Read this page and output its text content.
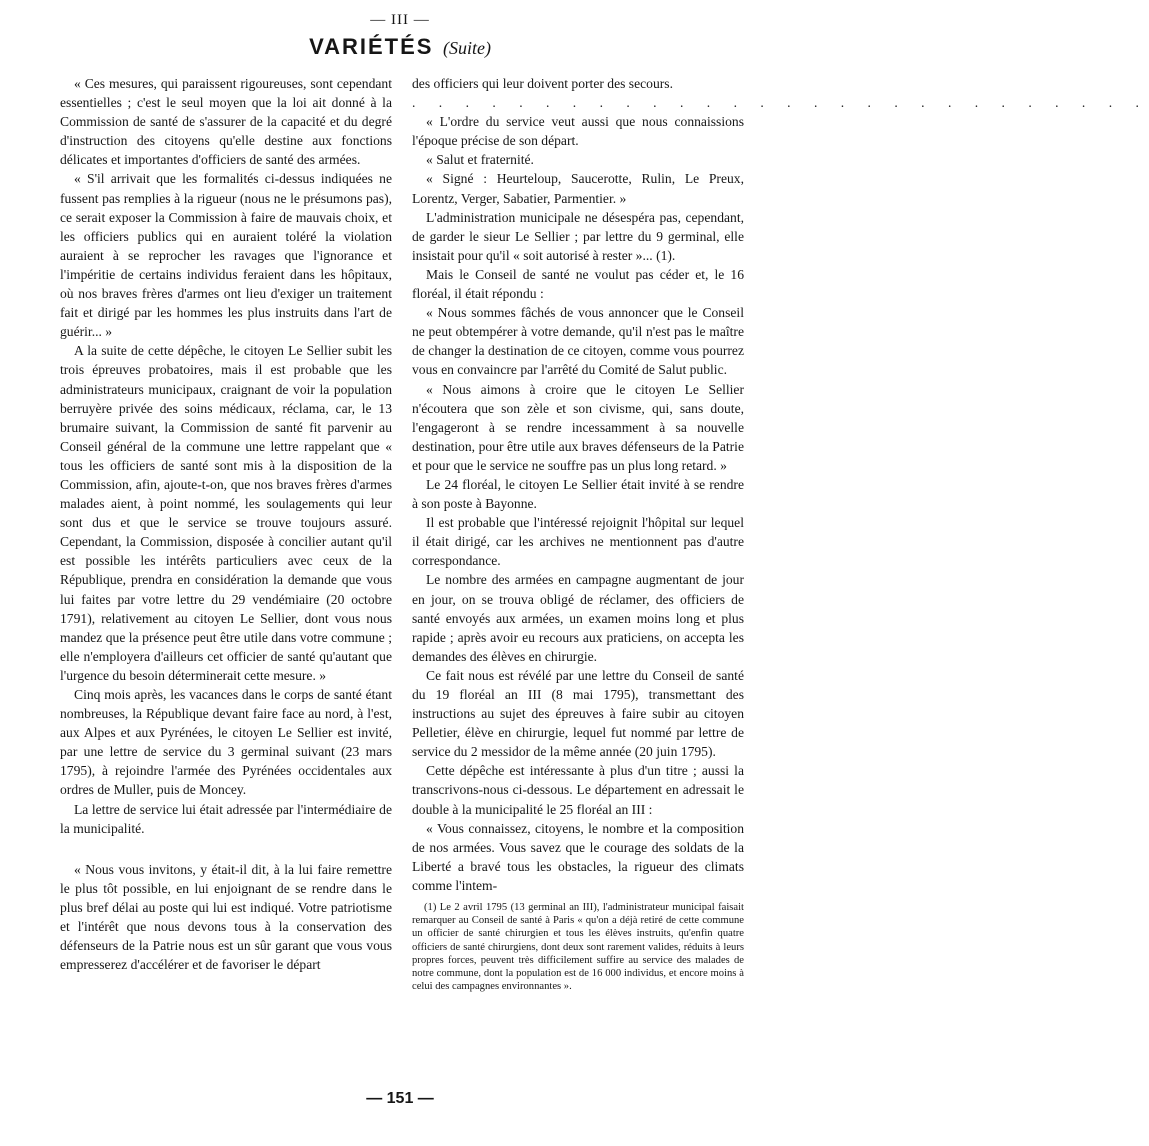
— III —
VARIÉTÉS (Suite)

« Ces mesures, qui paraissent rigoureuses, sont cependant essentielles ; c'est le seul moyen que la loi ait donné à la Commission de santé de s'assurer de la capacité et du degré d'instruction des citoyens qu'elle destine aux fonctions délicates et importantes d'officiers de santé des armées.

« S'il arrivait que les formalités ci-dessus indiquées ne fussent pas remplies à la rigueur (nous ne le présumons pas), ce serait exposer la Commission à faire de mauvais choix, et les officiers publics qui en auraient toléré la violation auraient à se reprocher les ravages que l'ignorance et l'impéritie de certains individus feraient dans les hôpitaux, où nos braves frères d'armes ont lieu d'exiger un traitement fait et dirigé par les hommes les plus instruits dans l'art de guérir... »

A la suite de cette dépêche, le citoyen Le Sellier subit les trois épreuves probatoires, mais il est probable que les administrateurs municipaux, craignant de voir la population berruyère privée des soins médicaux, réclama, car, le 13 brumaire suivant, la Commission de santé fit parvenir au Conseil général de la commune une lettre rappelant que « tous les officiers de santé sont mis à la disposition de la Commission, afin, ajoute-t-on, que nos braves frères d'armes malades aient, à point nommé, les soulagements qui leur sont dus et que le service se trouve toujours assuré. Cependant, la Commission, disposée à concilier autant qu'il est possible les intérêts particuliers avec ceux de la République, prendra en considération la demande que vous lui faites par votre lettre du 29 vendémiaire (20 octobre 1791), relativement au citoyen Le Sellier, dont vous nous mandez que la présence peut être utile dans votre commune ; elle n'employera d'ailleurs cet officier de santé qu'autant que l'urgence du besoin déterminerait cette mesure. »

Cinq mois après, les vacances dans le corps de santé étant nombreuses, la République devant faire face au nord, à l'est, aux Alpes et aux Pyrénées, le citoyen Le Sellier est invité, par une lettre de service du 3 germinal suivant (23 mars 1795), à rejoindre l'armée des Pyrénées occidentales aux ordres de Muller, puis de Moncey.

La lettre de service lui était adressée par l'intermédiaire de la municipalité.

« Nous vous invitons, y était-il dit, à la lui faire remettre le plus tôt possible, en lui enjoignant de se rendre dans le plus bref délai au poste qui lui est indiqué. Votre patriotisme et l'intérêt que nous devons tous à la conservation des défenseurs de la Patrie nous est un sûr garant que vous vous empresserez d'accélérer et de favoriser le départ

des officiers qui leur doivent porter des secours.

. . . . . . . . . . . . . . . . . . . . . . . . . . . .

« L'ordre du service veut aussi que nous connaissions l'époque précise de son départ.

« Salut et fraternité.

« Signé : Heurteloup, Saucerotte, Rulin, Le Preux, Lorentz, Verger, Sabatier, Parmentier. »

L'administration municipale ne désespéra pas, cependant, de garder le sieur Le Sellier ; par lettre du 9 germinal, elle insistait pour qu'il « soit autorisé à rester »... (1).

Mais le Conseil de santé ne voulut pas céder et, le 16 floréal, il était répondu :

« Nous sommes fâchés de vous annoncer que le Conseil ne peut obtempérer à votre demande, qu'il n'est pas le maître de changer la destination de ce citoyen, comme vous pourrez vous en convaincre par l'arrêté du Comité de Salut public.

« Nous aimons à croire que le citoyen Le Sellier n'écoutera que son zèle et son civisme, qui, sans doute, l'engageront à se rendre incessamment à sa nouvelle destination, pour être utile aux braves défenseurs de la Patrie et pour que le service ne souffre pas un plus long retard. »

Le 24 floréal, le citoyen Le Sellier était invité à se rendre à son poste à Bayonne.

Il est probable que l'intéressé rejoignit l'hôpital sur lequel il était dirigé, car les archives ne mentionnent pas d'autre correspondance.

Le nombre des armées en campagne augmentant de jour en jour, on se trouva obligé de réclamer, des officiers de santé envoyés aux armées, un examen moins long et plus rapide ; après avoir eu recours aux praticiens, on accepta les demandes des élèves en chirurgie.

Ce fait nous est révélé par une lettre du Conseil de santé du 19 floréal an III (8 mai 1795), transmettant des instructions au sujet des épreuves à faire subir au citoyen Pelletier, élève en chirurgie, lequel fut nommé par lettre de service du 2 messidor de la même année (20 juin 1795).

Cette dépêche est intéressante à plus d'un titre ; aussi la transcrivons-nous ci-dessous. Le département en adressait le double à la municipalité le 25 floréal an III :

« Vous connaissez, citoyens, le nombre et la composition de nos armées. Vous savez que le courage des soldats de la Liberté a bravé tous les obstacles, la rigueur des climats comme l'intem-

(1) Le 2 avril 1795 (13 germinal an III), l'administrateur municipal faisait remarquer au Conseil de santé à Paris « qu'on a déjà retiré de cette commune un officier de santé chirurgien et tous les élèves instruits, qu'enfin quatre officiers de santé chirurgiens, dont deux sont rarement valides, réduits à leurs propres forces, peuvent très difficilement suffire au service des malades de notre commune, dont la population est de 16 000 individus, et encore moins à celui des campagnes environnantes ».

— 151 —
